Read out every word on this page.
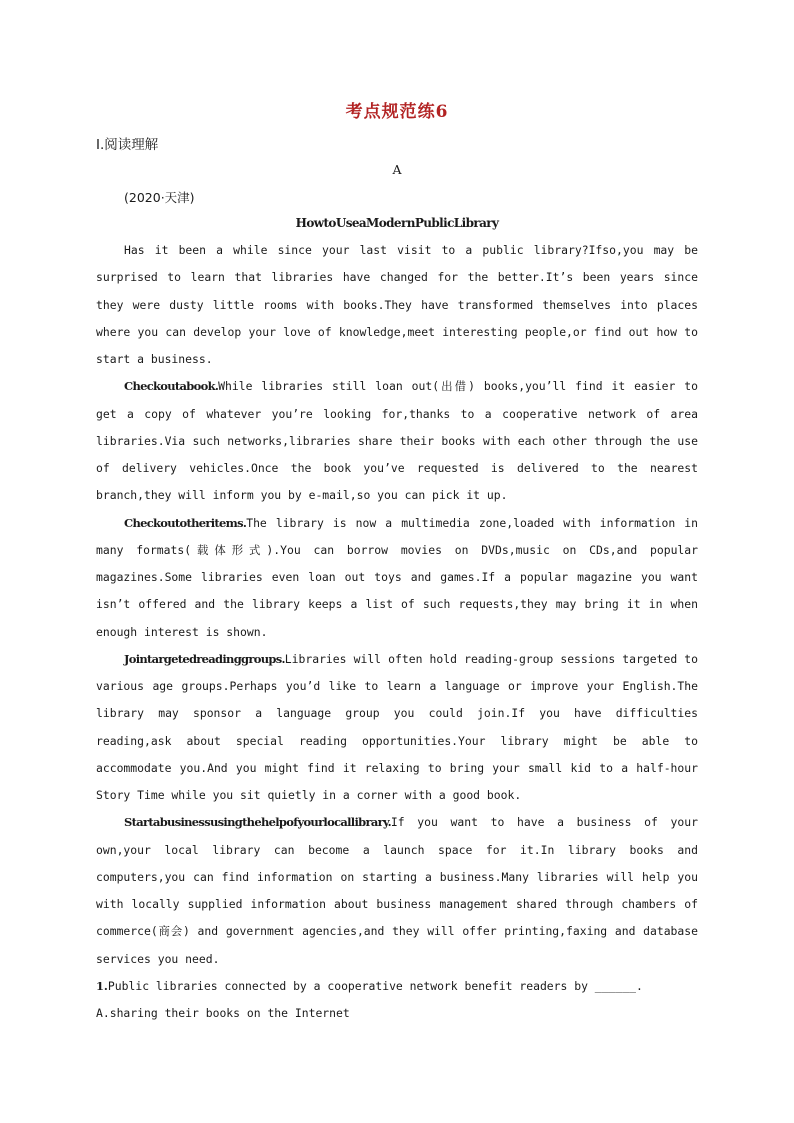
考点规范练6
Ⅰ.阅读理解
A
(2020·天津)
HowtoUseaModernPublicLibrary

Has it been a while since your last visit to a public library?Ifso,you may be surprised to learn that libraries have changed for the better.It’s been years since they were dusty little rooms with books.They have transformed themselves into places where you can develop your love of knowledge,meet interesting people,or find out how to start a business.

Checkoutabook.While libraries still loan out(出借) books,you’ll find it easier to get a copy of whatever you’re looking for,thanks to a cooperative network of area libraries.Via such networks,libraries share their books with each other through the use of delivery vehicles.Once the book you’ve requested is delivered to the nearest branch,they will inform you by e-mail,so you can pick it up.

Checkoutotheritems.The library is now a multimedia zone,loaded with information in many formats(载体形式).You can borrow movies on DVDs,music on CDs,and popular magazines.Some libraries even loan out toys and games.If a popular magazine you want isn’t offered and the library keeps a list of such requests,they may bring it in when enough interest is shown.

Jointargetedreadinggroups.Libraries will often hold reading-group sessions targeted to various age groups.Perhaps you’d like to learn a language or improve your English.The library may sponsor a language group you could join.If you have difficulties reading,ask about special reading opportunities.Your library might be able to accommodate you.And you might find it relaxing to bring your small kid to a half-hour Story Time while you sit quietly in a corner with a good book.

Startabusinessusingthehelpofyourlocallibrary.If you want to have a business of your own,your local library can become a launch space for it.In library books and computers,you can find information on starting a business.Many libraries will help you with locally supplied information about business management shared through chambers of commerce(商会) and government agencies,and they will offer printing,faxing and database services you need.

1.Public libraries connected by a cooperative network benefit readers by ______.

A.sharing their books on the Internet
